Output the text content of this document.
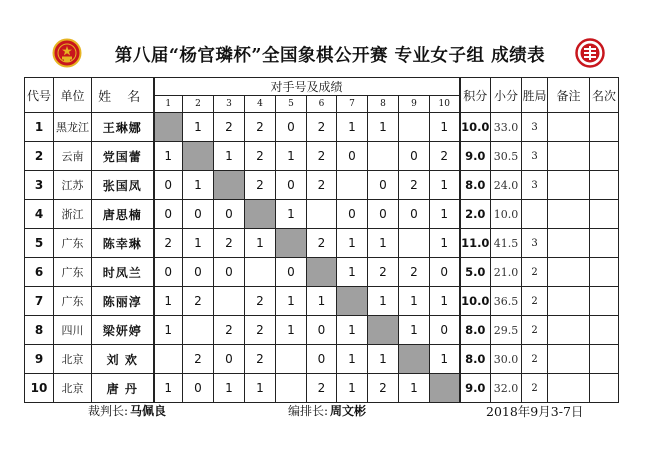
第八届“杨官璘杯”全国象棋公开赛 专业女子组 成绩表
代号	单位	姓 名	对手号及成绩										积分	小分	胜局	备注	名次
			1	2	3	4	5	6	7	8	9	10					
1	黑龙江	王琳娜		1	2	2	0	2	1	1		1	10.0	33.0	3		
2	云南	党国蕾	1		1	2	1	2	0		0	2	9.0	30.5	3		
3	江苏	张国凤	0	1		2	0	2		0	2	1	8.0	24.0	3		
4	浙江	唐思楠	0	0	0		1		0	0	0	1	2.0	10.0			
5	广东	陈幸琳	2	1	2	1		2	1	1		1	11.0	41.5	3		
6	广东	时凤兰	0	0	0		0		1	2	2	0	5.0	21.0	2		
7	广东	陈丽淳	1	2		2	1	1		1	1	1	10.0	36.5	2		
8	四川	梁妍婷	1		2	2	1	0	1		1	0	8.0	29.5	2		
9	北京	刘 欢		2	0	2		0	1	1		1	8.0	30.0	2		
10	北京	唐 丹	1	0	1	1		2	1	2	1		9.0	32.0	2		
裁判长: 马佩良	编排长: 周文彬	2018年9月3-7日
